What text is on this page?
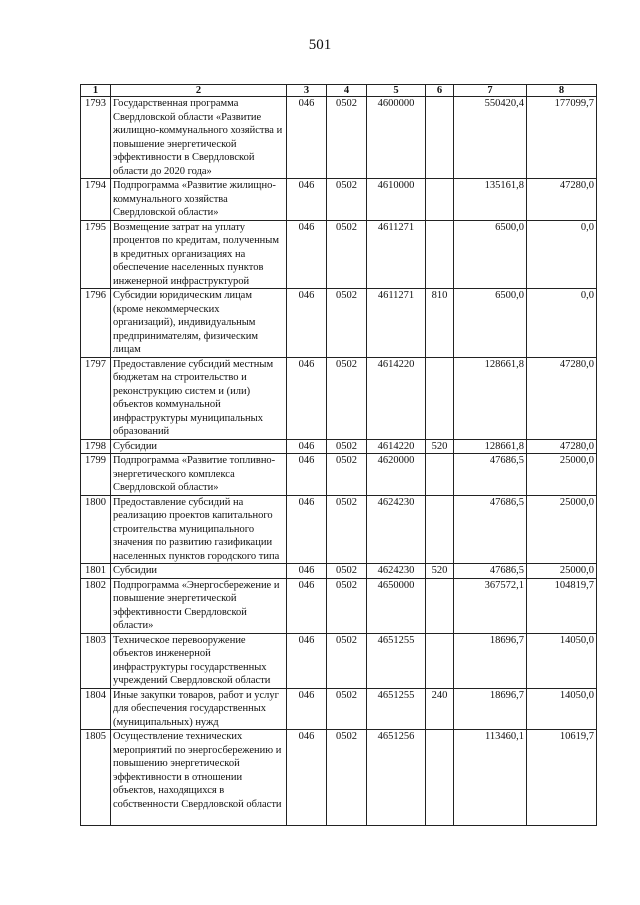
501
1	2	3	4	5	6	7	8
1793	Государственная программа Свердловской области «Развитие жилищно-коммунального хозяйства и повышение энергетической эффективности в Свердловской области до 2020 года»	046	0502	4600000		550420,4	177099,7
1794	Подпрограмма «Развитие жилищно-коммунального хозяйства Свердловской области»	046	0502	4610000		135161,8	47280,0
1795	Возмещение затрат на уплату процентов по кредитам, полученным в кредитных организациях на обеспечение населенных пунктов инженерной инфраструктурой	046	0502	4611271		6500,0	0,0
1796	Субсидии юридическим лицам (кроме некоммерческих организаций), индивидуальным предпринимателям, физическим лицам	046	0502	4611271	810	6500,0	0,0
1797	Предоставление субсидий местным бюджетам на строительство и реконструкцию систем и (или) объектов коммунальной инфраструктуры муниципальных образований	046	0502	4614220		128661,8	47280,0
1798	Субсидии	046	0502	4614220	520	128661,8	47280,0
1799	Подпрограмма «Развитие топливно-энергетического комплекса Свердловской области»	046	0502	4620000		47686,5	25000,0
1800	Предоставление субсидий на реализацию проектов капитального строительства муниципального значения по развитию газификации населенных пунктов городского типа	046	0502	4624230		47686,5	25000,0
1801	Субсидии	046	0502	4624230	520	47686,5	25000,0
1802	Подпрограмма «Энергосбережение и повышение энергетической эффективности Свердловской области»	046	0502	4650000		367572,1	104819,7
1803	Техническое перевооружение объектов инженерной инфраструктуры государственных учреждений Свердловской области	046	0502	4651255		18696,7	14050,0
1804	Иные закупки товаров, работ и услуг для обеспечения государственных (муниципальных) нужд	046	0502	4651255	240	18696,7	14050,0
1805	Осуществление технических мероприятий по энергосбережению и повышению энергетической эффективности в отношении объектов, находящихся в собственности Свердловской области	046	0502	4651256		113460,1	10619,7
